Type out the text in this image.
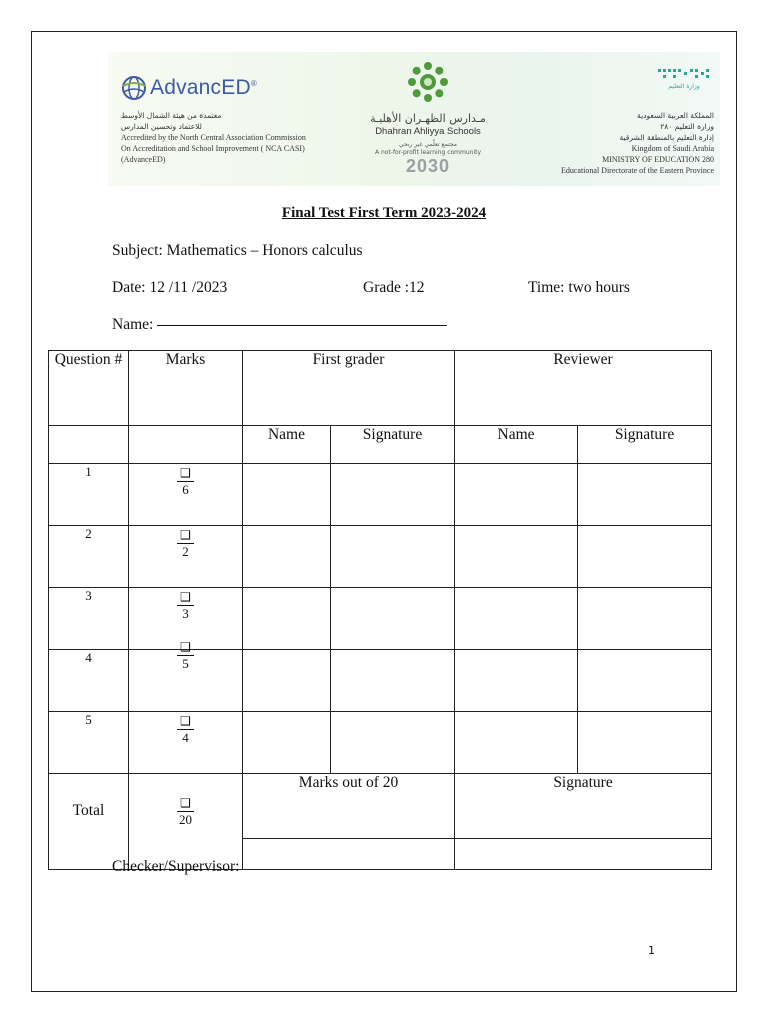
AdvancED®
معتمدة من هيئة الشمال الأوسط
للاعتماد وتحسين المدارس
Accredited by the North Central Association Commission
On Accreditation and School Improvement ( NCA CASI)
(AdvanceED)
مـدارس الظهـران الأهليـة
Dhahran Ahliyya Schools
مجتمع تعلّمي غير ربحي
A not-for-profit learning community
2030
وزارة التعليم
المملكة العربية السعودية
وزارة التعليم ٢٨٠
إدارة التعليم بالمنطقة الشرقية
Kingdom of Saudi Arabia
MINISTRY OF EDUCATION 280
Educational Directorate of the Eastern Province
Final Test First Term 2023-2024
Subject: Mathematics – Honors calculus
Date: 12 /11 /2023	Grade :12	Time: two hours
Name:
Question #	Marks	First grader		Reviewer	
		Name	Signature	Name	Signature
1	$\frac{❑}{6}$

2	$\frac{❑}{2}$

3	$\frac{❑}{3}$

4	$\frac{❑}{5}$

5	$\frac{❑}{4}$

Total	$\frac{❑}{20}$	Marks out of 20		Signature	

Checker/Supervisor:
1
